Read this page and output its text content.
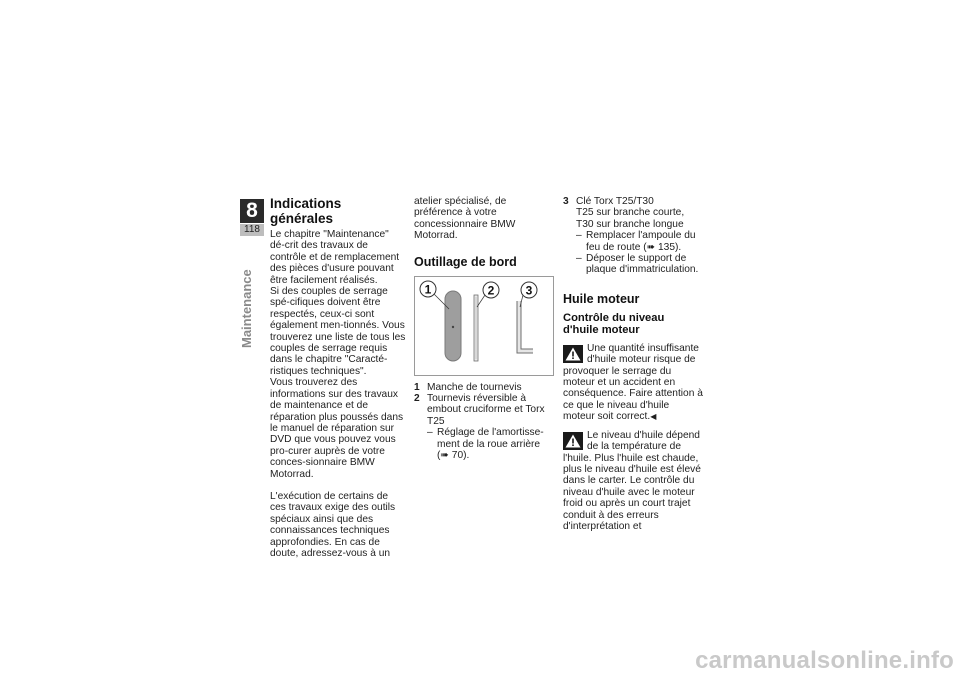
8
118
Maintenance
Indications générales

Le chapitre "Maintenance" dé-crit des travaux de contrôle et de remplacement des pièces d'usure pouvant être facilement réalisés.

Si des couples de serrage spé-cifiques doivent être respectés, ceux-ci sont également men-tionnés. Vous trouverez une liste de tous les couples de serrage requis dans le chapitre "Caracté-ristiques techniques".

Vous trouverez des informations sur des travaux de maintenance et de réparation plus poussés dans le manuel de réparation sur DVD que vous pouvez vous pro-curer auprès de votre conces-sionnaire BMW Motorrad.

L'exécution de certains de ces travaux exige des outils spéciaux ainsi que des connaissances techniques approfondies. En cas de doute, adressez-vous à un

atelier spécialisé, de préférence à votre concessionnaire BMW Motorrad.

Outillage de bord
1	2	3
1 Manche de tournevis
2 Tournevis réversible à embout cruciforme et Torx T25
– Réglage de l'amortisse-ment de la roue arrière (➠ 70).
3 Clé Torx T25/T30
T25 sur branche courte,
T30 sur branche longue
– Remplacer l'ampoule du feu de route (➠ 135).
– Déposer le support de plaque d'immatriculation.
Huile moteur
Contrôle du niveau d'huile moteur
Une quantité insuffisante d'huile moteur risque de provoquer le serrage du moteur et un accident en conséquence. Faire attention à ce que le niveau d'huile moteur soit correct.◀
Le niveau d'huile dépend de la température de l'huile. Plus l'huile est chaude, plus le niveau d'huile est élevé dans le carter. Le contrôle du niveau d'huile avec le moteur froid ou après un court trajet conduit à des erreurs d'interprétation et
carmanualsonline.info
